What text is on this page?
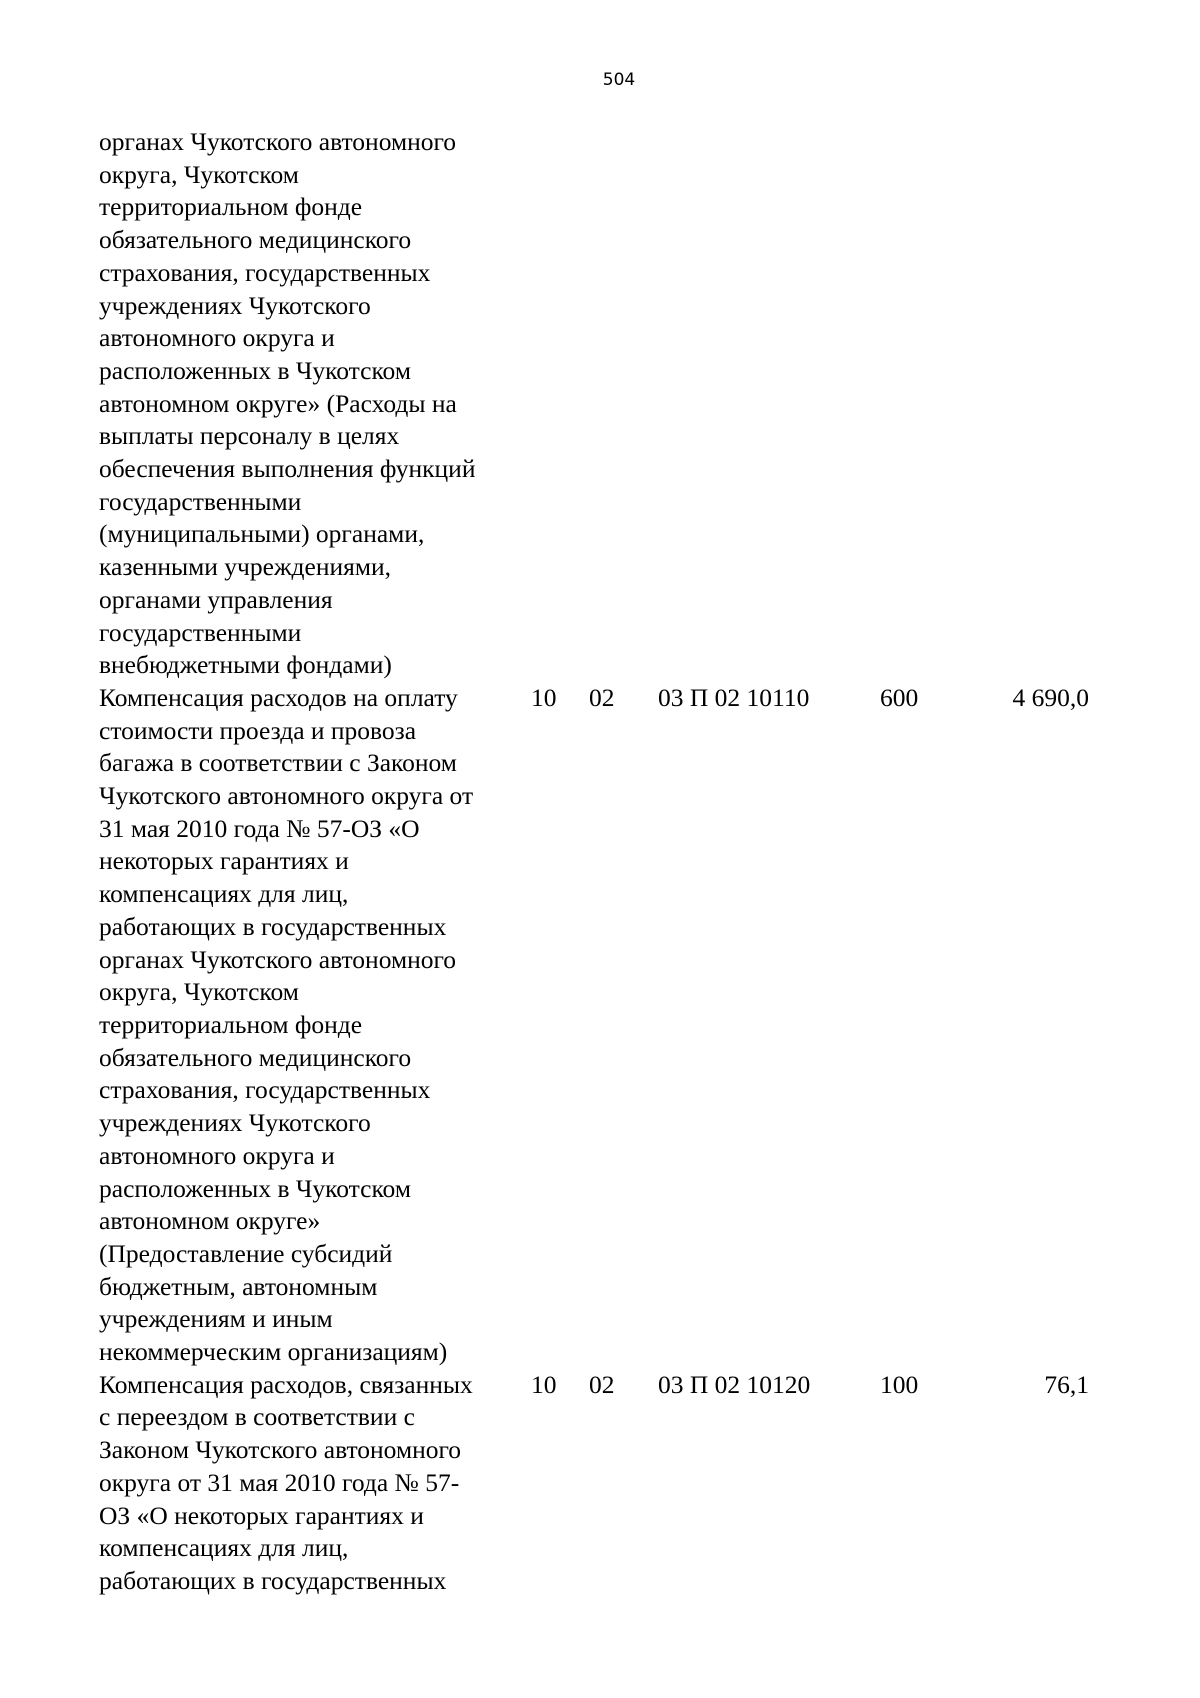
504
органах Чукотского автономного
округа, Чукотском
территориальном фонде
обязательного медицинского
страхования, государственных
учреждениях Чукотского
автономного округа и
расположенных в Чукотском
автономном округе» (Расходы на
выплаты персоналу в целях
обеспечения выполнения функций
государственными
(муниципальными) органами,
казенными учреждениями,
органами управления
государственными
внебюджетными фондами)
Компенсация расходов на оплату
стоимости проезда и провоза
багажа в соответствии с Законом
Чукотского автономного округа от
31 мая 2010 года № 57-ОЗ «О
некоторых гарантиях и
компенсациях для лиц,
работающих в государственных
органах Чукотского автономного
округа, Чукотском
территориальном фонде
обязательного медицинского
страхования, государственных
учреждениях Чукотского
автономного округа и
расположенных в Чукотском
автономном округе»
(Предоставление субсидий
бюджетным, автономным
учреждениям и иным
некоммерческим организациям)
10	02	03 П 02 10110	600	4 690,0
Компенсация расходов, связанных
с переездом в соответствии с
Законом Чукотского автономного
округа от 31 мая 2010 года № 57-
ОЗ «О некоторых гарантиях и
компенсациях для лиц,
работающих в государственных
10	02	03 П 02 10120	100	76,1
